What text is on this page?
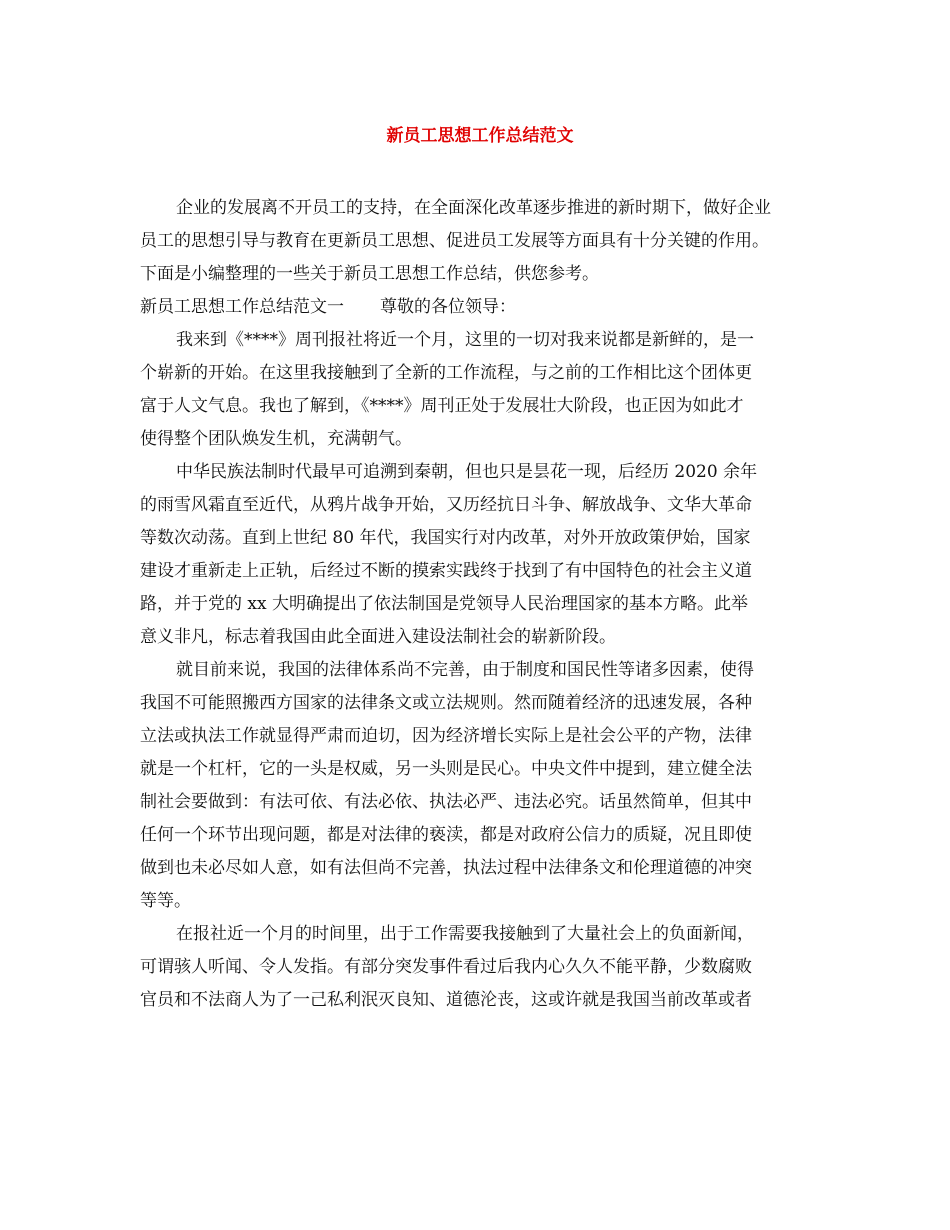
新员工思想工作总结范文
企业的发展离不开员工的支持，在全面深化改革逐步推进的新时期下，做好企业
员工的思想引导与教育在更新员工思想、促进员工发展等方面具有十分关键的作用。
下面是小编整理的一些关于新员工思想工作总结，供您参考。
新员工思想工作总结范文一 尊敬的各位领导：
我来到《****》周刊报社将近一个月，这里的一切对我来说都是新鲜的，是一
个崭新的开始。在这里我接触到了全新的工作流程，与之前的工作相比这个团体更
富于人文气息。我也了解到，《****》周刊正处于发展壮大阶段，也正因为如此才
使得整个团队焕发生机，充满朝气。
中华民族法制时代最早可追溯到秦朝，但也只是昙花一现，后经历 2020 余年
的雨雪风霜直至近代，从鸦片战争开始，又历经抗日斗争、解放战争、文华大革命
等数次动荡。直到上世纪 80 年代，我国实行对内改革，对外开放政策伊始，国家
建设才重新走上正轨，后经过不断的摸索实践终于找到了有中国特色的社会主义道
路，并于党的 xx 大明确提出了依法制国是党领导人民治理国家的基本方略。此举
意义非凡，标志着我国由此全面进入建设法制社会的崭新阶段。
就目前来说，我国的法律体系尚不完善，由于制度和国民性等诸多因素，使得
我国不可能照搬西方国家的法律条文或立法规则。然而随着经济的迅速发展，各种
立法或执法工作就显得严肃而迫切，因为经济增长实际上是社会公平的产物，法律
就是一个杠杆，它的一头是权威，另一头则是民心。中央文件中提到，建立健全法
制社会要做到：有法可依、有法必依、执法必严、违法必究。话虽然简单，但其中
任何一个环节出现问题，都是对法律的亵渎，都是对政府公信力的质疑，况且即使
做到也未必尽如人意，如有法但尚不完善，执法过程中法律条文和伦理道德的冲突
等等。
在报社近一个月的时间里，出于工作需要我接触到了大量社会上的负面新闻，
可谓骇人听闻、令人发指。有部分突发事件看过后我内心久久不能平静，少数腐败
官员和不法商人为了一己私利泯灭良知、道德沦丧，这或许就是我国当前改革或者
